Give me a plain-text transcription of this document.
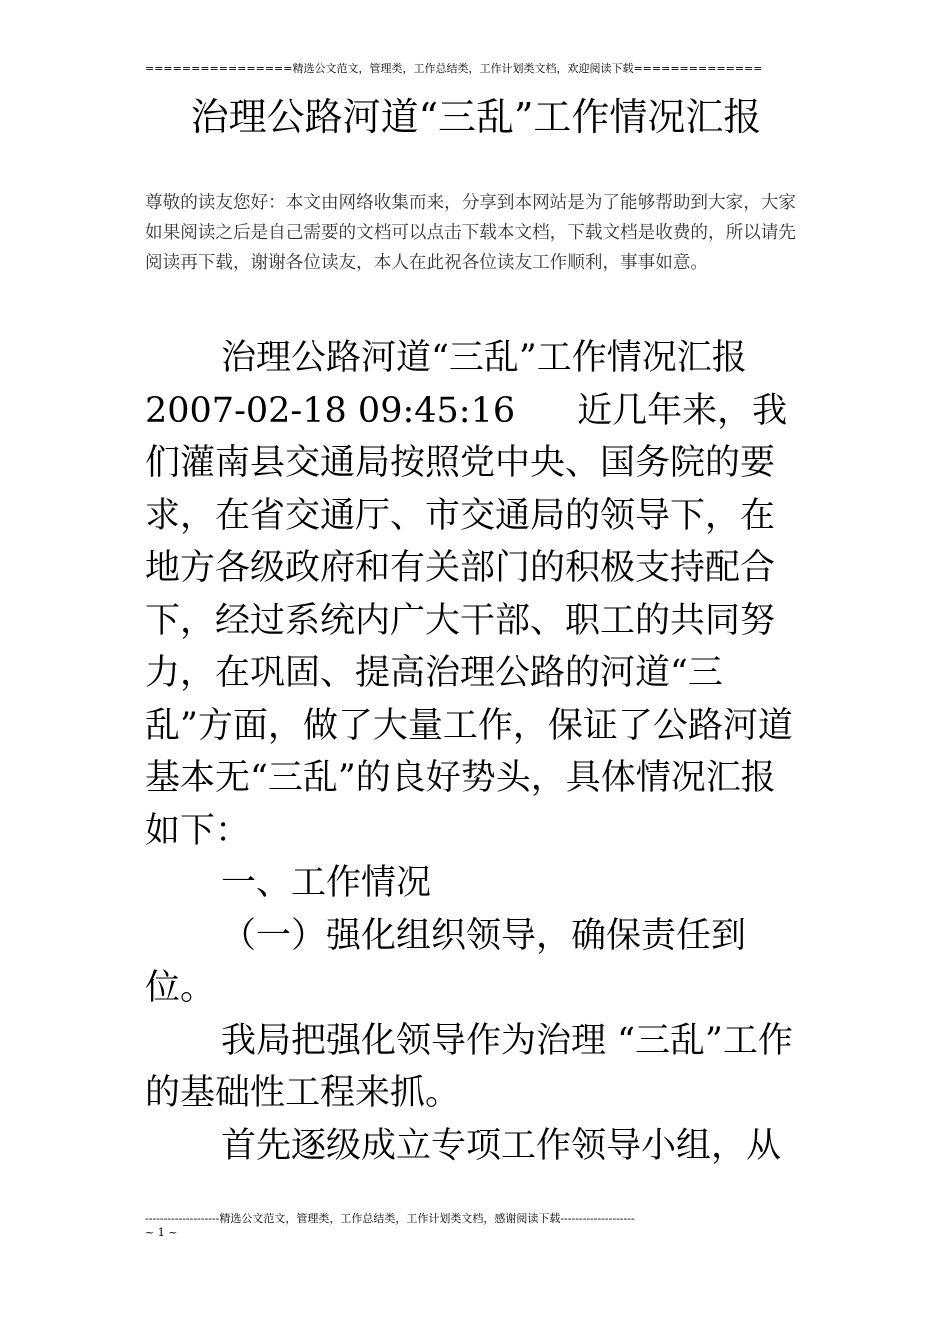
================精选公文范文，管理类，工作总结类，工作计划类文档，欢迎阅读下载==============
治理公路河道“三乱”工作情况汇报
尊敬的读友您好：本文由网络收集而来，分享到本网站是为了能够帮助到大家，大家如果阅读之后是自己需要的文档可以点击下载本文档，下载文档是收费的，所以请先阅读再下载，谢谢各位读友，本人在此祝各位读友工作顺利，事事如意。

治理公路河道“三乱”工作情况汇报2007-02-18 09:45:16 近几年来，我们灌南县交通局按照党中央、国务院的要求，在省交通厅、市交通局的领导下，在地方各级政府和有关部门的积极支持配合下，经过系统内广大干部、职工的共同努力，在巩固、提高治理公路的河道“三乱”方面，做了大量工作，保证了公路河道基本无“三乱”的良好势头，具体情况汇报如下：

一、工作情况

（一）强化组织领导，确保责任到位。

我局把强化领导作为治理 “三乱”工作的基础性工程来抓。

首先逐级成立专项工作领导小组，从

--------------------精选公文范文，管理类，工作总结类，工作计划类文档，感谢阅读下载--------------------
~ 1 ~
